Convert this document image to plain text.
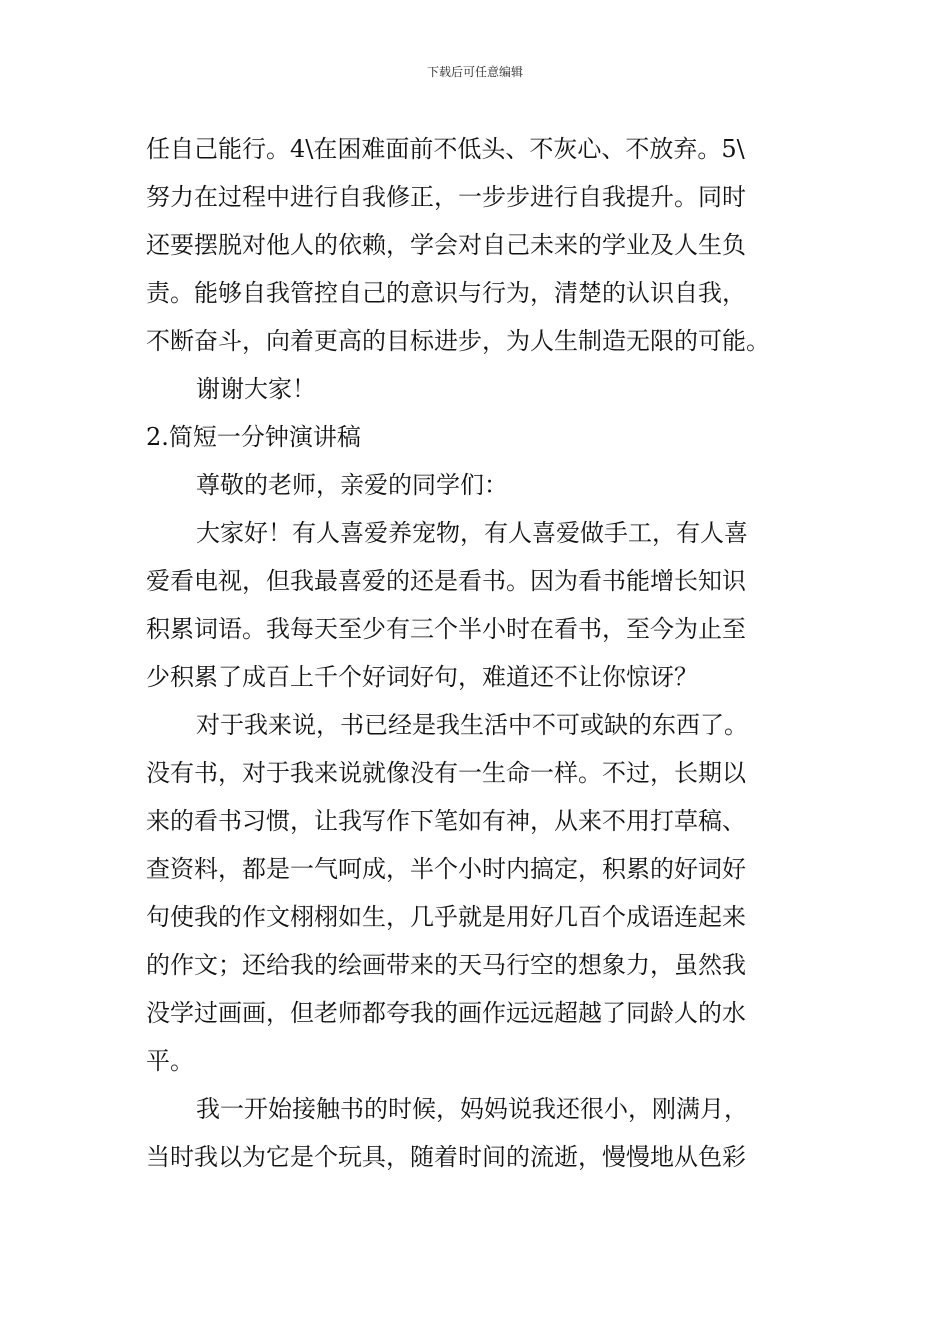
下载后可任意编辑
任自己能行。4\在困难面前不低头、不灰心、不放弃。5\
努力在过程中进行自我修正，一步步进行自我提升。同时
还要摆脱对他人的依赖，学会对自己未来的学业及人生负
责。能够自我管控自己的意识与行为，清楚的认识自我，
不断奋斗，向着更高的目标进步，为人生制造无限的可能。
谢谢大家！
2.简短一分钟演讲稿
尊敬的老师，亲爱的同学们：
大家好！有人喜爱养宠物，有人喜爱做手工，有人喜
爱看电视，但我最喜爱的还是看书。因为看书能增长知识
积累词语。我每天至少有三个半小时在看书，至今为止至
少积累了成百上千个好词好句，难道还不让你惊讶？
对于我来说，书已经是我生活中不可或缺的东西了。
没有书，对于我来说就像没有一生命一样。不过，长期以
来的看书习惯，让我写作下笔如有神，从来不用打草稿、
查资料，都是一气呵成，半个小时内搞定，积累的好词好
句使我的作文栩栩如生，几乎就是用好几百个成语连起来
的作文；还给我的绘画带来的天马行空的想象力，虽然我
没学过画画，但老师都夸我的画作远远超越了同龄人的水
平。
我一开始接触书的时候，妈妈说我还很小，刚满月，
当时我以为它是个玩具，随着时间的流逝，慢慢地从色彩
